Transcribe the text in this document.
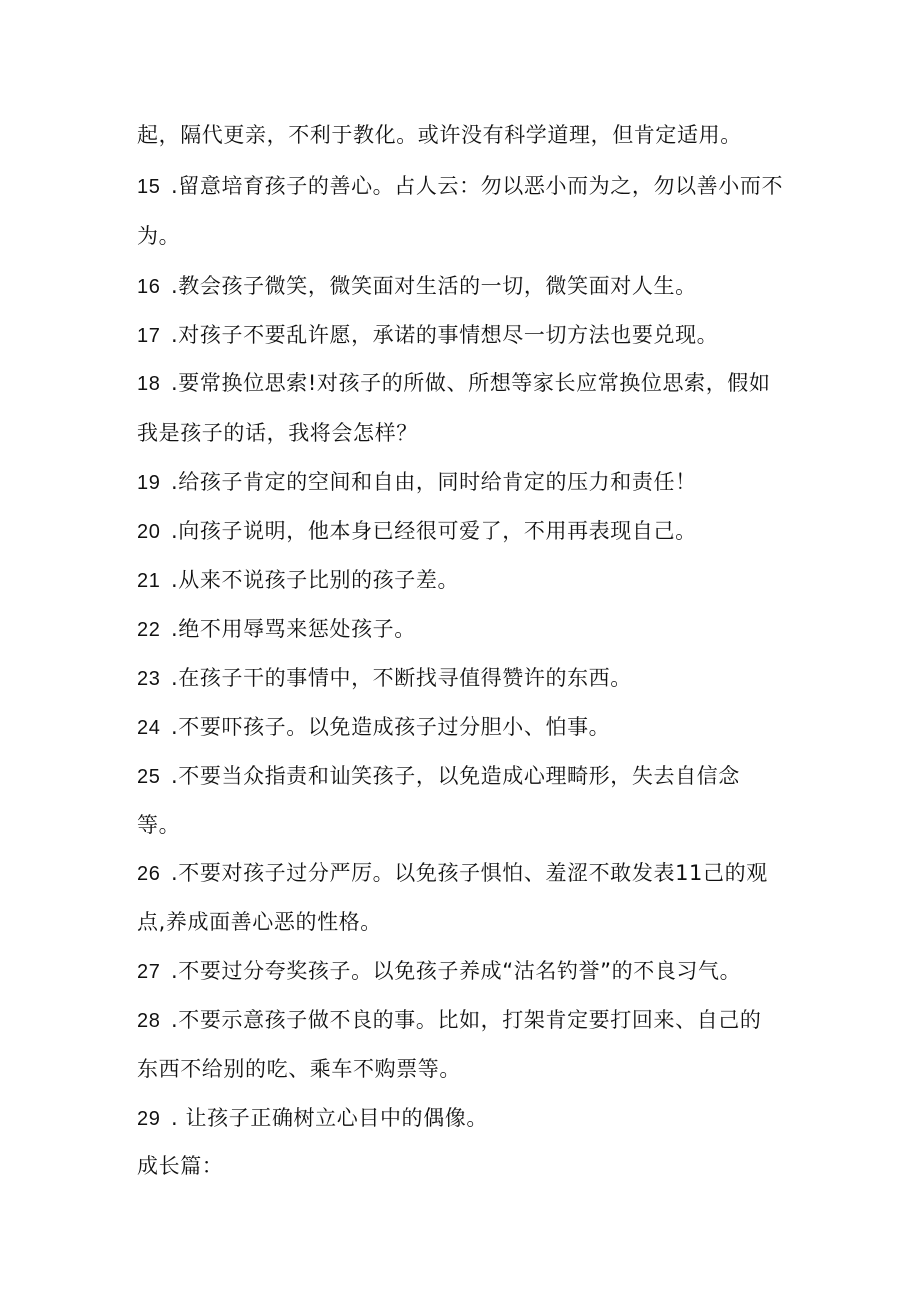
起，隔代更亲，不利于教化。或许没有科学道理，但肯定适用。
15 .留意培育孩子的善心。占人云：勿以恶小而为之，勿以善小而不
为。
16 .教会孩子微笑，微笑面对生活的一切，微笑面对人生。
17 .对孩子不要乱许愿，承诺的事情想尽一切方法也要兑现。
18 .要常换位思索!对孩子的所做、所想等家长应常换位思索，假如
我是孩子的话，我将会怎样？
19 .给孩子肯定的空间和自由，同时给肯定的压力和责任！
20 .向孩子说明，他本身已经很可爱了，不用再表现自己。
21 .从来不说孩子比别的孩子差。
22 .绝不用辱骂来惩处孩子。
23 .在孩子干的事情中，不断找寻值得赞许的东西。
24 .不要吓孩子。以免造成孩子过分胆小、怕事。
25 .不要当众指责和讪笑孩子，以免造成心理畸形，失去自信念
等。
26 .不要对孩子过分严厉。以免孩子惧怕、羞涩不敢发表11己的观
点,养成面善心恶的性格。
27 .不要过分夸奖孩子。以免孩子养成“沽名钓誉”的不良习气。
28 .不要示意孩子做不良的事。比如，打架肯定要打回来、自己的
东西不给别的吃、乘车不购票等。
29 . 让孩子正确树立心目中的偶像。
成长篇：
